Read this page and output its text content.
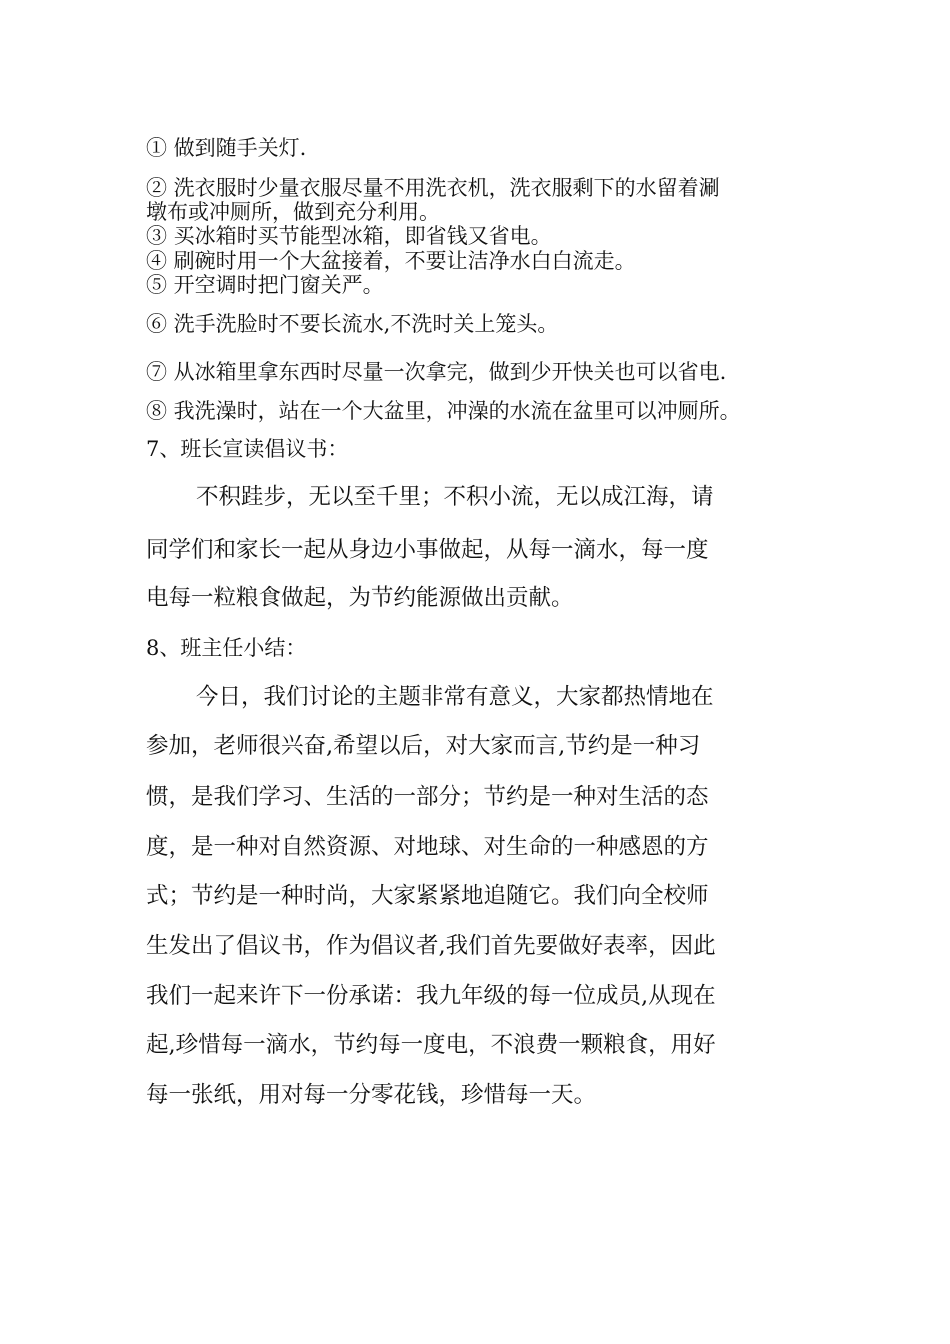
① 做到随手关灯.

② 洗衣服时少量衣服尽量不用洗衣机，洗衣服剩下的水留着涮

墩布或冲厕所，做到充分利用。

③ 买冰箱时买节能型冰箱，即省钱又省电。

④ 刷碗时用一个大盆接着，不要让洁净水白白流走。

⑤ 开空调时把门窗关严。

⑥ 洗手洗脸时不要长流水,不洗时关上笼头。

⑦ 从冰箱里拿东西时尽量一次拿完，做到少开快关也可以省电.

⑧ 我洗澡时，站在一个大盆里，冲澡的水流在盆里可以冲厕所。

7、班长宣读倡议书：

不积跬步，无以至千里；不积小流，无以成江海，请

同学们和家长一起从身边小事做起，从每一滴水，每一度

电每一粒粮食做起，为节约能源做出贡献。

8、班主任小结：

今日，我们讨论的主题非常有意义，大家都热情地在

参加，老师很兴奋,希望以后，对大家而言,节约是一种习

惯，是我们学习、生活的一部分；节约是一种对生活的态

度，是一种对自然资源、对地球、对生命的一种感恩的方

式；节约是一种时尚，大家紧紧地追随它。我们向全校师

生发出了倡议书，作为倡议者,我们首先要做好表率，因此

我们一起来许下一份承诺：我九年级的每一位成员,从现在

起,珍惜每一滴水，节约每一度电，不浪费一颗粮食，用好

每一张纸，用对每一分零花钱，珍惜每一天。
